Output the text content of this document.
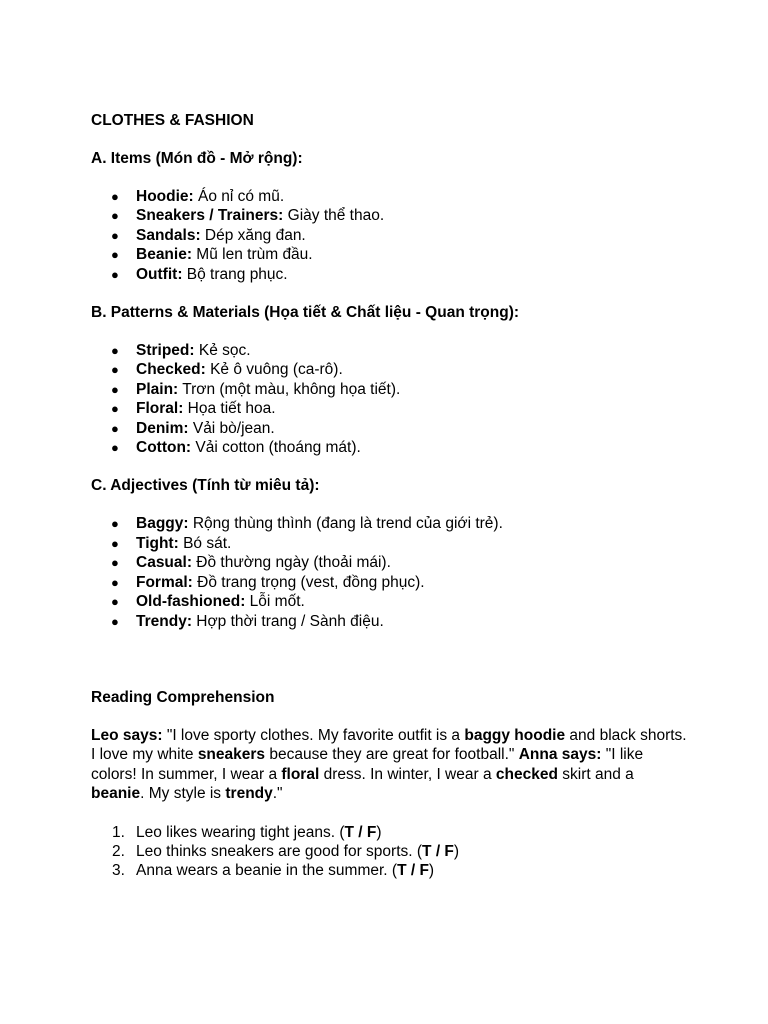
CLOTHES & FASHION

A. Items (Món đồ - Mở rộng):

● Hoodie: Áo nỉ có mũ.
● Sneakers / Trainers: Giày thể thao.
● Sandals: Dép xăng đan.
● Beanie: Mũ len trùm đầu.
● Outfit: Bộ trang phục.

B. Patterns & Materials (Họa tiết & Chất liệu - Quan trọng):

● Striped: Kẻ sọc.
● Checked: Kẻ ô vuông (ca-rô).
● Plain: Trơn (một màu, không họa tiết).
● Floral: Họa tiết hoa.
● Denim: Vải bò/jean.
● Cotton: Vải cotton (thoáng mát).

C. Adjectives (Tính từ miêu tả):

● Baggy: Rộng thùng thình (đang là trend của giới trẻ).
● Tight: Bó sát.
● Casual: Đồ thường ngày (thoải mái).
● Formal: Đồ trang trọng (vest, đồng phục).
● Old-fashioned: Lỗi mốt.
● Trendy: Hợp thời trang / Sành điệu.

Reading Comprehension

Leo says: "I love sporty clothes. My favorite outfit is a baggy hoodie and black shorts. I love my white sneakers because they are great for football." Anna says: "I like colors! In summer, I wear a floral dress. In winter, I wear a checked skirt and a beanie. My style is trendy."

1. Leo likes wearing tight jeans. (T / F)
2. Leo thinks sneakers are good for sports. (T / F)
3. Anna wears a beanie in the summer. (T / F)
